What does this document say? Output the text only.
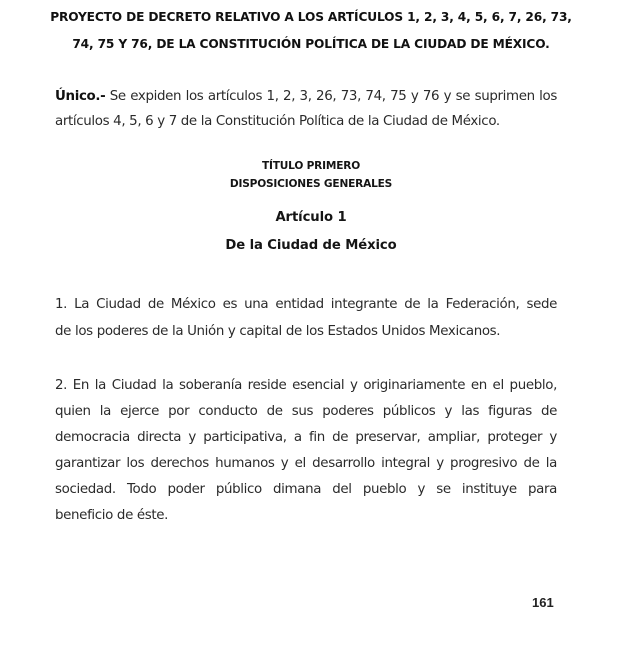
PROYECTO DE DECRETO RELATIVO A LOS ARTÍCULOS 1, 2, 3, 4, 5, 6, 7, 26, 73,
74, 75 Y 76, DE LA CONSTITUCIÓN POLÍTICA DE LA CIUDAD DE MÉXICO.
Único.- Se expiden los artículos 1, 2, 3, 26, 73, 74, 75 y 76 y se suprimen los
artículos 4, 5, 6 y 7 de la Constitución Política de la Ciudad de México.
TÍTULO PRIMERO
DISPOSICIONES GENERALES
Artículo 1
De la Ciudad de México
1. La Ciudad de México es una entidad integrante de la Federación, sede
de los poderes de la Unión y capital de los Estados Unidos Mexicanos.
2. En la Ciudad la soberanía reside esencial y originariamente en el pueblo,
quien la ejerce por conducto de sus poderes públicos y las figuras de
democracia directa y participativa, a fin de preservar, ampliar, proteger y
garantizar los derechos humanos y el desarrollo integral y progresivo de la
sociedad. Todo poder público dimana del pueblo y se instituye para
beneficio de éste.
161
